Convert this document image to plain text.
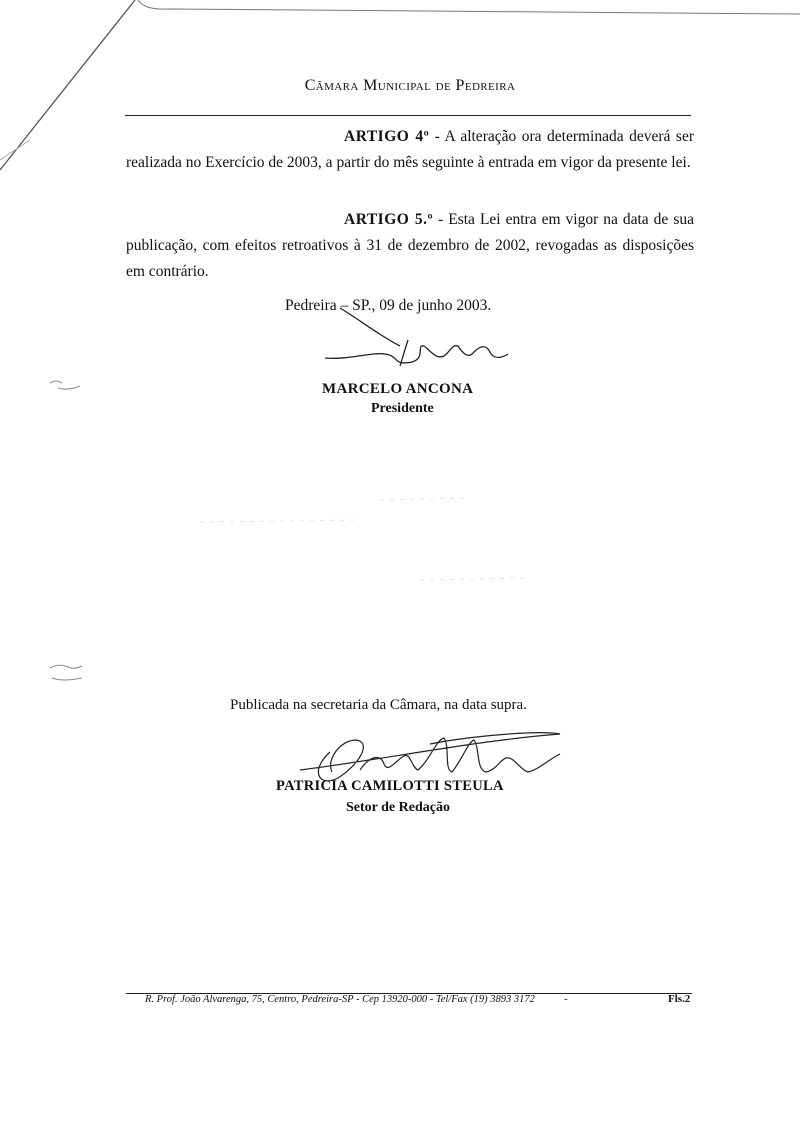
Câmara Municipal de Pedreira
ARTIGO 4º - A alteração ora determinada deverá ser realizada no Exercício de 2003, a partir do mês seguinte à entrada em vigor da presente lei.
ARTIGO 5.º - Esta Lei entra em vigor na data de sua publicação, com efeitos retroativos à 31 de dezembro de 2002, revogadas as disposições em contrário.
Pedreira – SP., 09 de junho 2003.
MARCELO ANCONA
Presidente
Publicada na secretaria da Câmara, na data supra.
PATRICIA CAMILOTTI STEULA
Setor de Redação
R. Prof. João Alvarenga, 75, Centro, Pedreira-SP - Cep 13920-000 - Tel/Fax (19) 3893 3172	-	Fls.2
